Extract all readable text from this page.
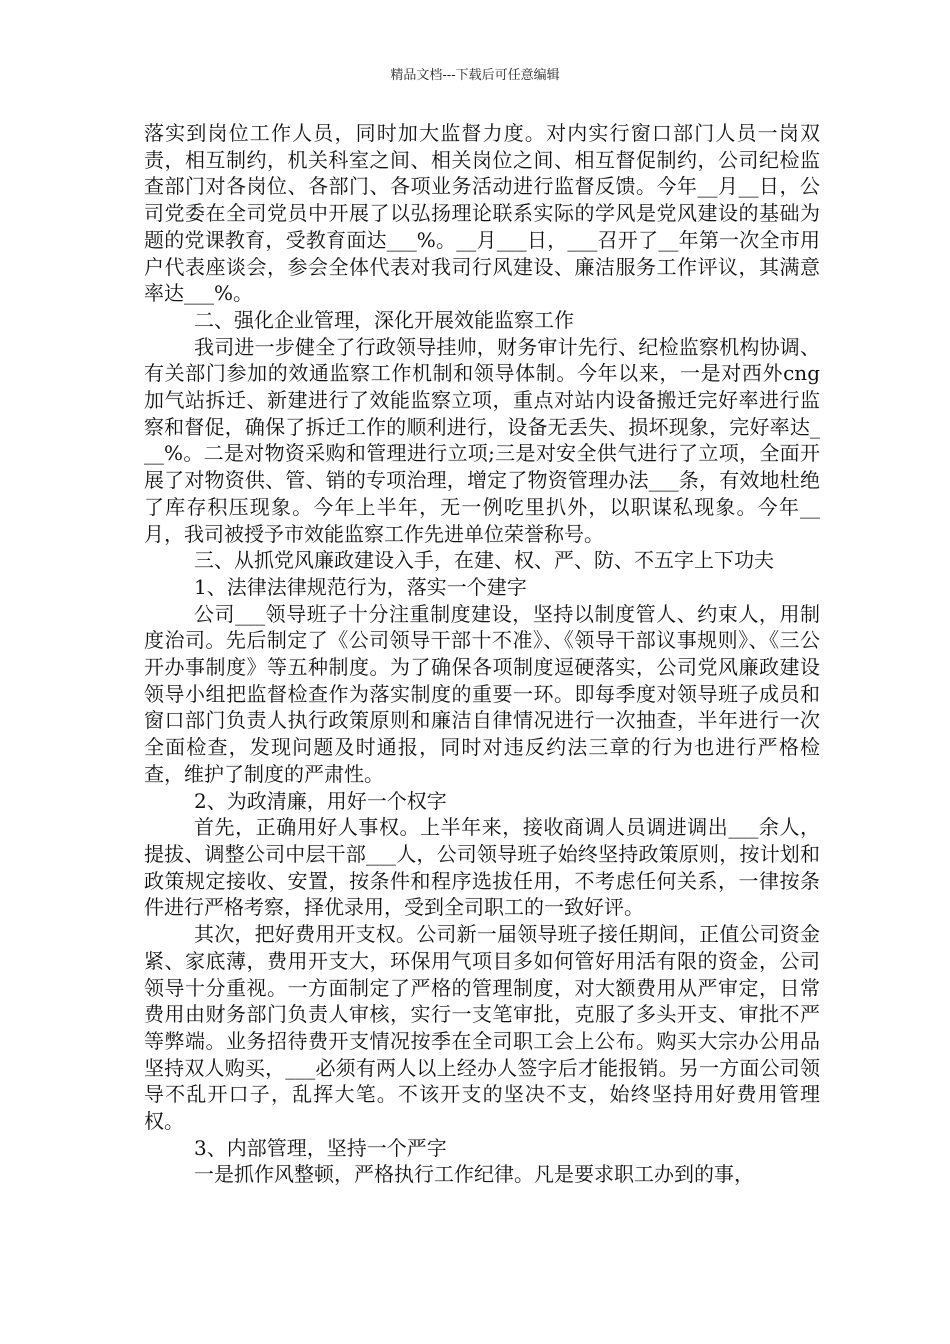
精品文档---下载后可任意编辑

落实到岗位工作人员，同时加大监督力度。对内实行窗口部门人员一岗双责，相互制约，机关科室之间、相关岗位之间、相互督促制约，公司纪检监查部门对各岗位、各部门、各项业务活动进行监督反馈。今年__月__日，公司党委在全司党员中开展了以弘扬理论联系实际的学风是党风建设的基础为题的党课教育，受教育面达___%。__月___日，___召开了__年第一次全市用户代表座谈会，参会全体代表对我司行风建设、廉洁服务工作评议，其满意率达___%。

二、强化企业管理，深化开展效能监察工作

我司进一步健全了行政领导挂帅，财务审计先行、纪检监察机构协调、有关部门参加的效通监察工作机制和领导体制。今年以来，一是对西外cng加气站拆迁、新建进行了效能监察立项，重点对站内设备搬迁完好率进行监察和督促，确保了拆迁工作的顺利进行，设备无丢失、损坏现象，完好率达___%。二是对物资采购和管理进行立项;三是对安全供气进行了立项，全面开展了对物资供、管、销的专项治理，增定了物资管理办法___条，有效地杜绝了库存积压现象。今年上半年，无一例吃里扒外，以职谋私现象。今年__月，我司被授予市效能监察工作先进单位荣誉称号。

三、从抓党风廉政建设入手，在建、权、严、防、不五字上下功夫

1、法律法律规范行为，落实一个建字

公司___领导班子十分注重制度建设，坚持以制度管人、约束人，用制度治司。先后制定了《公司领导干部十不准》、《领导干部议事规则》、《三公开办事制度》等五种制度。为了确保各项制度逗硬落实，公司党风廉政建设领导小组把监督检查作为落实制度的重要一环。即每季度对领导班子成员和窗口部门负责人执行政策原则和廉洁自律情况进行一次抽查，半年进行一次全面检查，发现问题及时通报，同时对违反约法三章的行为也进行严格检查，维护了制度的严肃性。

2、为政清廉，用好一个权字

首先，正确用好人事权。上半年来，接收商调人员调进调出___余人，提拔、调整公司中层干部___人，公司领导班子始终坚持政策原则，按计划和政策规定接收、安置，按条件和程序选拔任用，不考虑任何关系，一律按条件进行严格考察，择优录用，受到全司职工的一致好评。

其次，把好费用开支权。公司新一届领导班子接任期间，正值公司资金紧、家底薄，费用开支大，环保用气项目多如何管好用活有限的资金，公司领导十分重视。一方面制定了严格的管理制度，对大额费用从严审定，日常费用由财务部门负责人审核，实行一支笔审批，克服了多头开支、审批不严等弊端。业务招待费开支情况按季在全司职工会上公布。购买大宗办公用品坚持双人购买，___必须有两人以上经办人签字后才能报销。另一方面公司领导不乱开口子，乱挥大笔。不该开支的坚决不支，始终坚持用好费用管理权。

3、内部管理，坚持一个严字

一是抓作风整顿，严格执行工作纪律。凡是要求职工办到的事，
